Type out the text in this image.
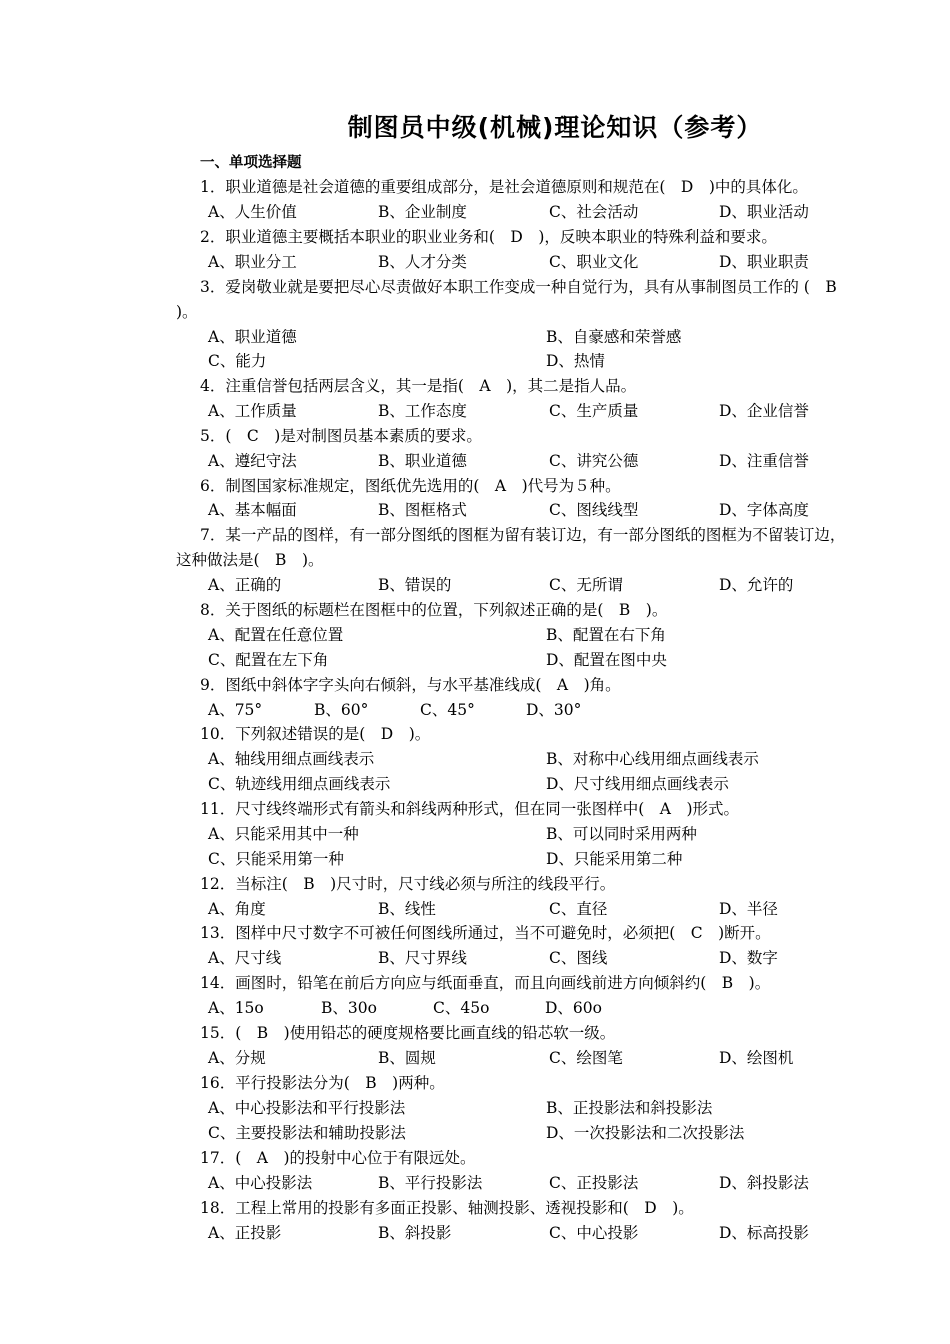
制图员中级(机械)理论知识（参考）
一、单项选择题
1．职业道德是社会道德的重要组成部分，是社会道德原则和规范在(　D　)中的具体化。
A、人生价值	B、企业制度	C、社会活动	D、职业活动
2．职业道德主要概括本职业的职业业务和(　D　)，反映本职业的特殊利益和要求。
A、职业分工	B、人才分类	C、职业文化	D、职业职责
3．爱岗敬业就是要把尽心尽责做好本职工作变成一种自觉行为，具有从事制图员工作的 (　B
)。
A、职业道德	B、自豪感和荣誉感
C、能力	D、热情
4．注重信誉包括两层含义，其一是指(　A　)，其二是指人品。
A、工作质量	B、工作态度	C、生产质量	D、企业信誉
5．(　C　)是对制图员基本素质的要求。
A、遵纪守法	B、职业道德	C、讲究公德	D、注重信誉
6．制图国家标准规定，图纸优先选用的(　A　)代号为５种。
A、基本幅面	B、图框格式	C、图线线型	D、字体高度
7．某一产品的图样，有一部分图纸的图框为留有装订边，有一部分图纸的图框为不留装订边，
这种做法是(　B　)。
A、正确的	B、错误的	C、无所谓	D、允许的
8．关于图纸的标题栏在图框中的位置，下列叙述正确的是(　B　)。
A、配置在任意位置	B、配置在右下角
C、配置在左下角	D、配置在图中央
9．图纸中斜体字字头向右倾斜，与水平基准线成(　A　)角。
A、75°	B、60°	C、45°	D、30°
10．下列叙述错误的是(　D　)。
A、轴线用细点画线表示	B、对称中心线用细点画线表示
C、轨迹线用细点画线表示	D、尺寸线用细点画线表示
11．尺寸线终端形式有箭头和斜线两种形式，但在同一张图样中(　A　)形式。
A、只能采用其中一种	B、可以同时采用两种
C、只能采用第一种	D、只能采用第二种
12．当标注(　B　)尺寸时，尺寸线必须与所注的线段平行。
A、角度	B、线性	C、直径	D、半径
13．图样中尺寸数字不可被任何图线所通过，当不可避免时，必须把(　C　)断开。
A、尺寸线	B、尺寸界线	C、图线	D、数字
14．画图时，铅笔在前后方向应与纸面垂直，而且向画线前进方向倾斜约(　B　)。
A、15o	B、30o	C、45o	D、60o
15．(　B　)使用铅芯的硬度规格要比画直线的铅芯软一级。
A、分规	B、圆规	C、绘图笔	D、绘图机
16．平行投影法分为(　B　)两种。
A、中心投影法和平行投影法	B、正投影法和斜投影法
C、主要投影法和辅助投影法	D、一次投影法和二次投影法
17．(　A　)的投射中心位于有限远处。
A、中心投影法	B、平行投影法	C、正投影法	D、斜投影法
18．工程上常用的投影有多面正投影、轴测投影、透视投影和(　D　)。
A、正投影	B、斜投影	C、中心投影	D、标高投影
